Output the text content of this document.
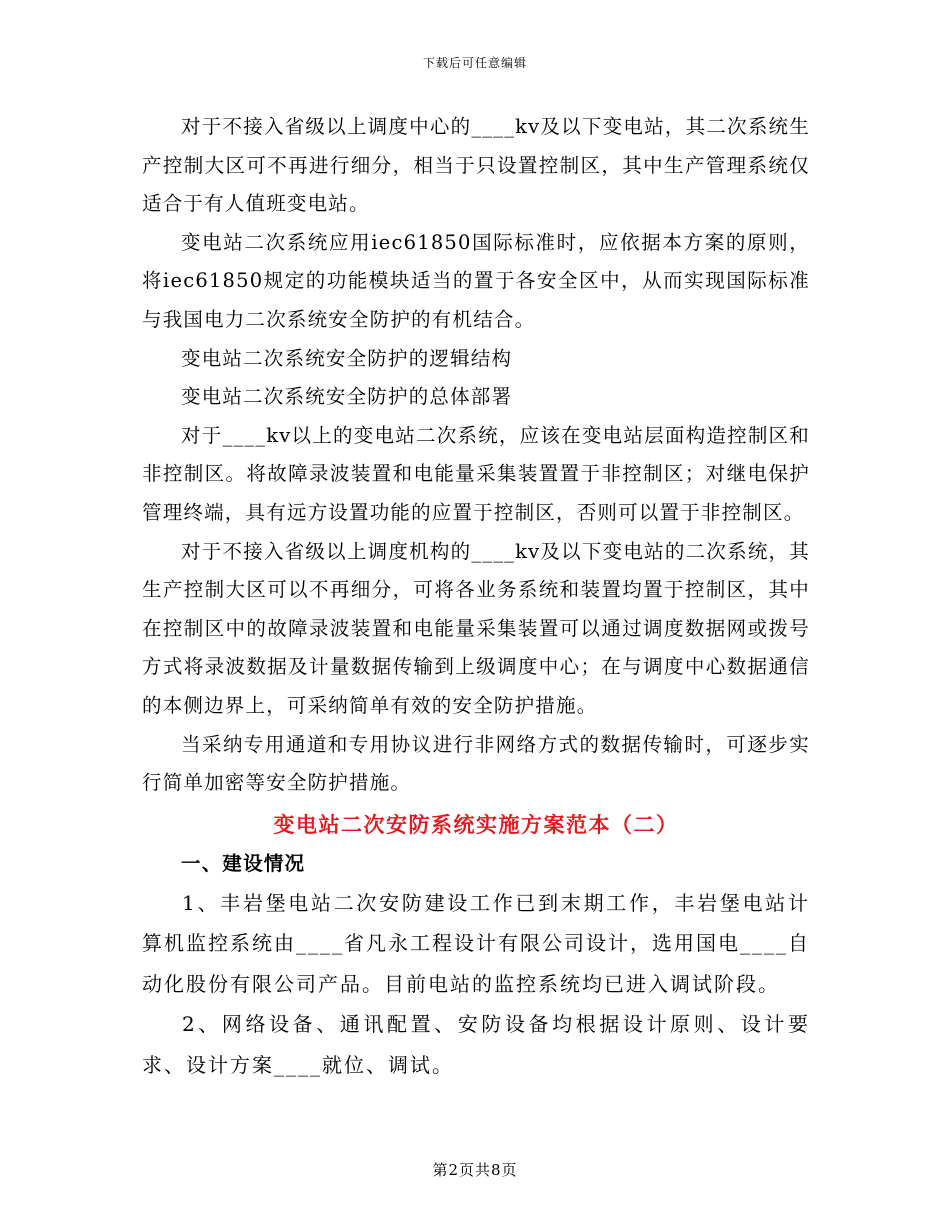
下载后可任意编辑

对于不接入省级以上调度中心的____kv及以下变电站，其二次系统生产控制大区可不再进行细分，相当于只设置控制区，其中生产管理系统仅适合于有人值班变电站。

变电站二次系统应用iec61850国际标准时，应依据本方案的原则，将iec61850规定的功能模块适当的置于各安全区中，从而实现国际标准与我国电力二次系统安全防护的有机结合。

变电站二次系统安全防护的逻辑结构

变电站二次系统安全防护的总体部署

对于____kv以上的变电站二次系统，应该在变电站层面构造控制区和非控制区。将故障录波装置和电能量采集装置置于非控制区；对继电保护管理终端，具有远方设置功能的应置于控制区，否则可以置于非控制区。

对于不接入省级以上调度机构的____kv及以下变电站的二次系统，其生产控制大区可以不再细分，可将各业务系统和装置均置于控制区，其中在控制区中的故障录波装置和电能量采集装置可以通过调度数据网或拨号方式将录波数据及计量数据传输到上级调度中心；在与调度中心数据通信的本侧边界上，可采纳简单有效的安全防护措施。

当采纳专用通道和专用协议进行非网络方式的数据传输时，可逐步实行简单加密等安全防护措施。

变电站二次安防系统实施方案范本（二）
一、建设情况

1、丰岩堡电站二次安防建设工作已到末期工作，丰岩堡电站计算机监控系统由____省凡永工程设计有限公司设计，选用国电____自动化股份有限公司产品。目前电站的监控系统均已进入调试阶段。

2、网络设备、通讯配置、安防设备均根据设计原则、设计要求、设计方案____就位、调试。

第2页共8页
